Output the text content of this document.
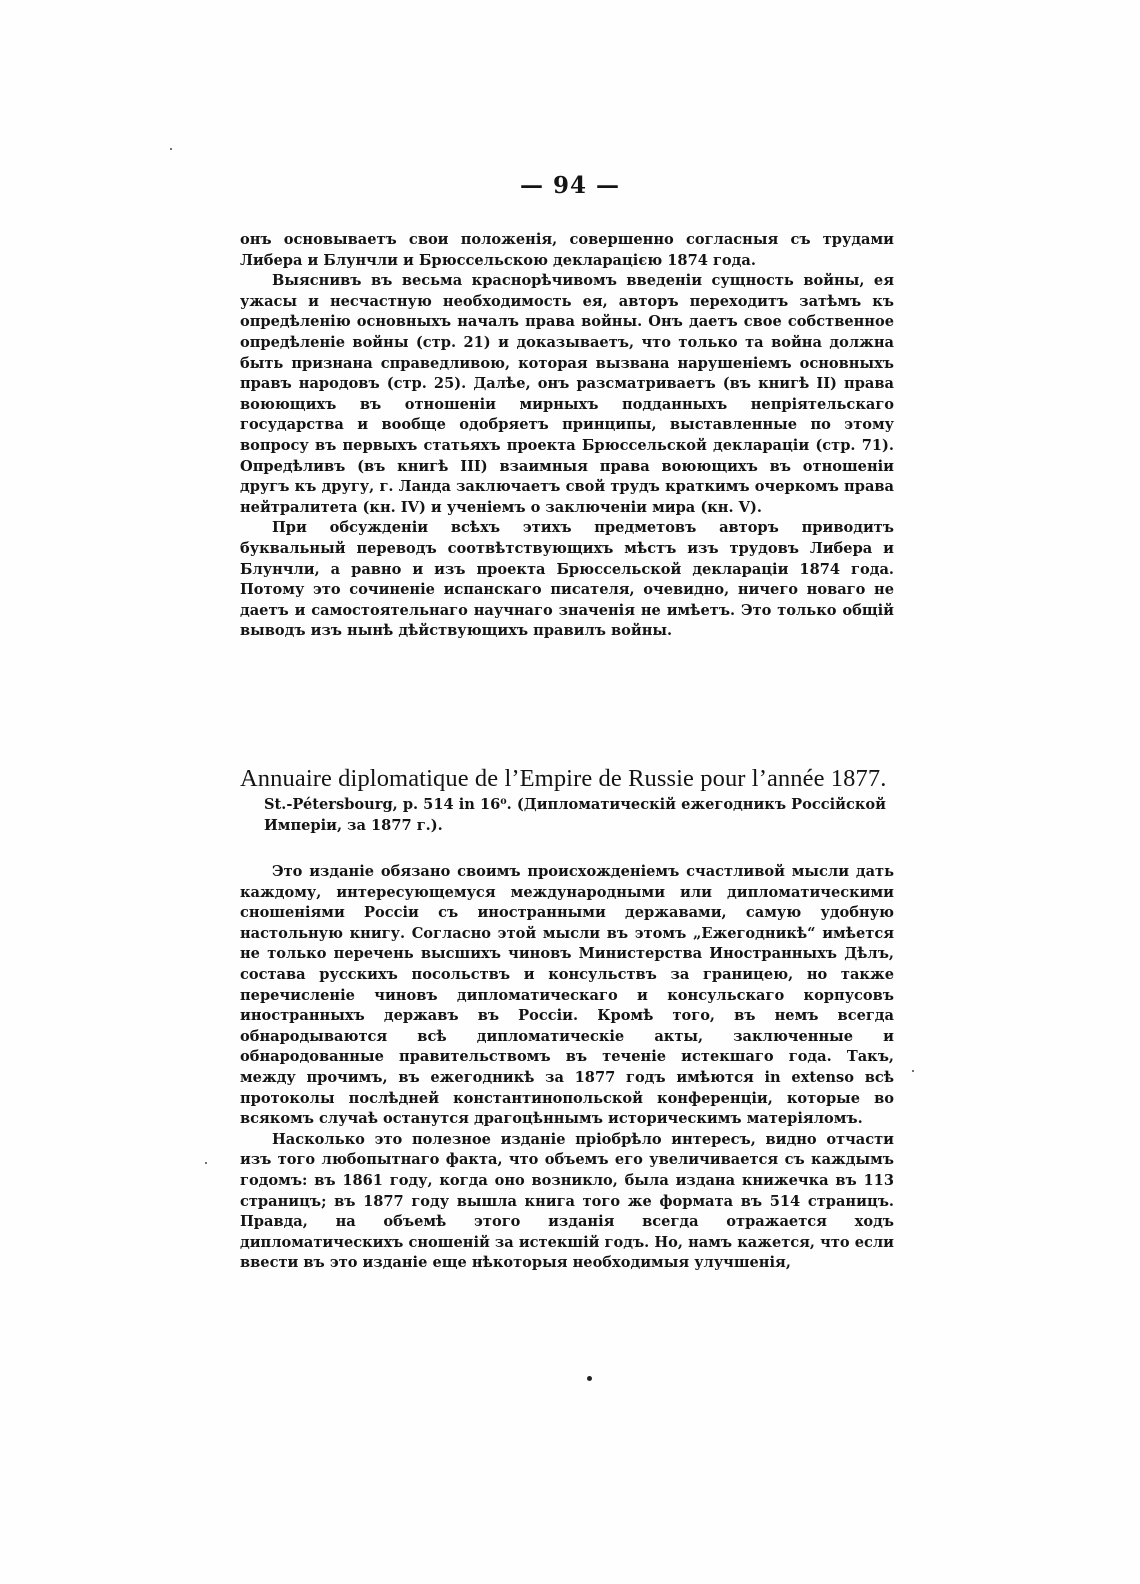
— 94 —

онъ основываетъ свои положенія, совершенно согласныя съ трудами Либера и Блунчли и Брюссельскою декларацією 1874 года.

Выяснивъ въ весьма краснорѣчивомъ введеніи сущность войны, ея ужасы и несчастную необходимость ея, авторъ переходитъ затѣмъ къ опредѣленію основныхъ началъ права войны. Онъ даетъ свое собственное опредѣленіе войны (стр. 21) и доказываетъ, что только та война должна быть признана справедливою, которая вызвана нарушеніемъ основныхъ правъ народовъ (стр. 25). Далѣе, онъ разсматриваетъ (въ книгѣ II) права воюющихъ въ отношеніи мирныхъ подданныхъ непріятельскаго государства и вообще одобряетъ принципы, выставленные по этому вопросу въ первыхъ статьяхъ проекта Брюссельской деклараціи (стр. 71). Опредѣливъ (въ книгѣ III) взаимныя права воюющихъ въ отношеніи другъ къ другу, г. Ланда заключаетъ свой трудъ краткимъ очеркомъ права нейтралитета (кн. IV) и ученіемъ о заключеніи мира (кн. V).

При обсужденіи всѣхъ этихъ предметовъ авторъ приводитъ буквальный переводъ соотвѣтствующихъ мѣстъ изъ трудовъ Либера и Блунчли, а равно и изъ проекта Брюссельской деклараціи 1874 года. Потому это сочиненіе испанскаго писателя, очевидно, ничего новаго не даетъ и самостоятельнаго научнаго значенія не имѣетъ. Это только общій выводъ изъ нынѣ дѣйствующихъ правилъ войны.

Annuaire diplomatique de l’Empire de Russie pour l’année 1877.
St.-Pétersbourg, p. 514 in 16⁰. (Дипломатическій ежегодникъ Россійской Имперіи, за 1877 г.).

Это изданіе обязано своимъ происхожденіемъ счастливой мысли дать каждому, интересующемуся международными или дипломатическими сношеніями Россіи съ иностранными державами, самую удобную настольную книгу. Согласно этой мысли въ этомъ „Ежегодникѣ“ имѣется не только перечень высшихъ чиновъ Министерства Иностранныхъ Дѣлъ, состава русскихъ посольствъ и консульствъ за границею, но также перечисленіе чиновъ дипломатическаго и консульскаго корпусовъ иностранныхъ державъ въ Россіи. Кромѣ того, въ немъ всегда обнародываются всѣ дипломатическіе акты, заключенные и обнародованные правительствомъ въ теченіе истекшаго года. Такъ, между прочимъ, въ ежегодникѣ за 1877 годъ имѣются in extenso всѣ протоколы послѣдней константинопольской конференціи, которые во всякомъ случаѣ останутся драгоцѣннымъ историческимъ матеріяломъ.

Насколько это полезное изданіе пріобрѣло интересъ, видно отчасти изъ того любопытнаго факта, что объемъ его увеличивается съ каждымъ годомъ: въ 1861 году, когда оно возникло, была издана книжечка въ 113 страницъ; въ 1877 году вышла книга того же формата въ 514 страницъ. Правда, на объемѣ этого изданія всегда отражается ходъ дипломатическихъ сношеній за истекшій годъ. Но, намъ кажется, что если ввести въ это изданіе еще нѣкоторыя необходимыя улучшенія,
